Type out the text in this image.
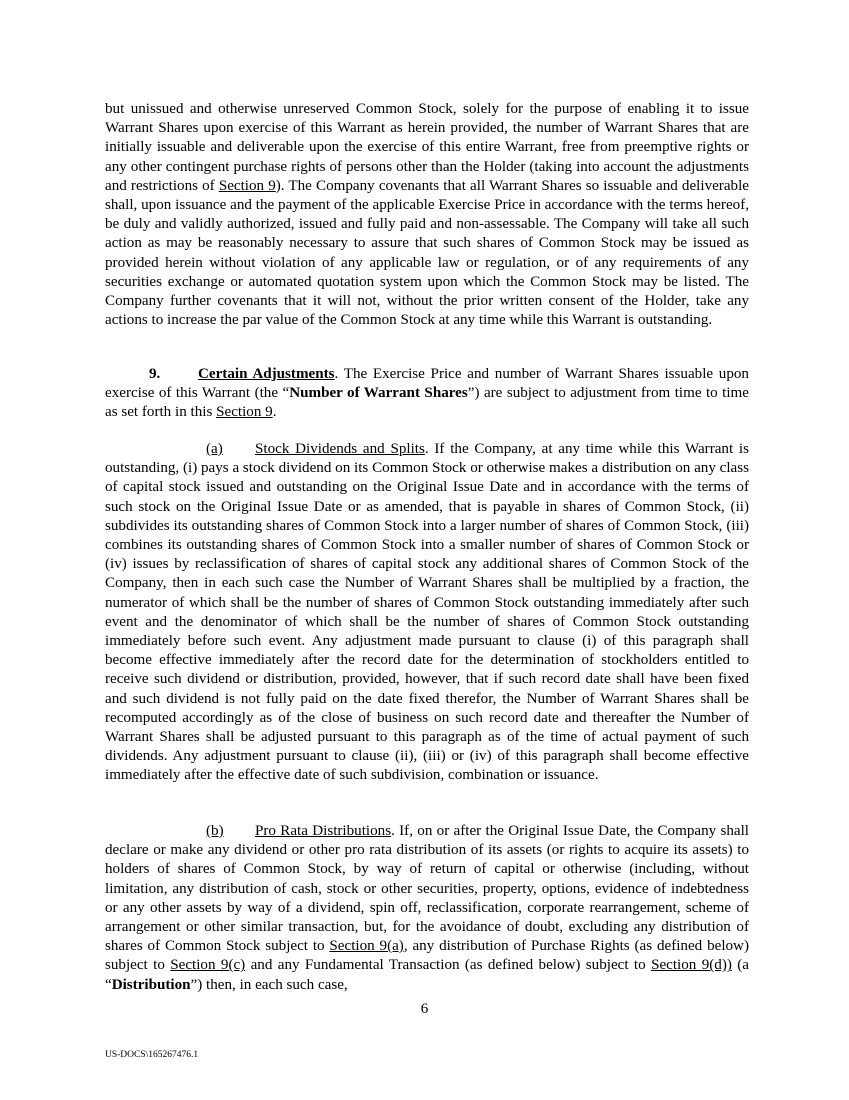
but unissued and otherwise unreserved Common Stock, solely for the purpose of enabling it to issue Warrant Shares upon exercise of this Warrant as herein provided, the number of Warrant Shares that are initially issuable and deliverable upon the exercise of this entire Warrant, free from preemptive rights or any other contingent purchase rights of persons other than the Holder (taking into account the adjustments and restrictions of Section 9). The Company covenants that all Warrant Shares so issuable and deliverable shall, upon issuance and the payment of the applicable Exercise Price in accordance with the terms hereof, be duly and validly authorized, issued and fully paid and non-assessable. The Company will take all such action as may be reasonably necessary to assure that such shares of Common Stock may be issued as provided herein without violation of any applicable law or regulation, or of any requirements of any securities exchange or automated quotation system upon which the Common Stock may be listed. The Company further covenants that it will not, without the prior written consent of the Holder, take any actions to increase the par value of the Common Stock at any time while this Warrant is outstanding.

9. Certain Adjustments. The Exercise Price and number of Warrant Shares issuable upon exercise of this Warrant (the “Number of Warrant Shares”) are subject to adjustment from time to time as set forth in this Section 9.

(a) Stock Dividends and Splits. If the Company, at any time while this Warrant is outstanding, (i) pays a stock dividend on its Common Stock or otherwise makes a distribution on any class of capital stock issued and outstanding on the Original Issue Date and in accordance with the terms of such stock on the Original Issue Date or as amended, that is payable in shares of Common Stock, (ii) subdivides its outstanding shares of Common Stock into a larger number of shares of Common Stock, (iii) combines its outstanding shares of Common Stock into a smaller number of shares of Common Stock or (iv) issues by reclassification of shares of capital stock any additional shares of Common Stock of the Company, then in each such case the Number of Warrant Shares shall be multiplied by a fraction, the numerator of which shall be the number of shares of Common Stock outstanding immediately after such event and the denominator of which shall be the number of shares of Common Stock outstanding immediately before such event. Any adjustment made pursuant to clause (i) of this paragraph shall become effective immediately after the record date for the determination of stockholders entitled to receive such dividend or distribution, provided, however, that if such record date shall have been fixed and such dividend is not fully paid on the date fixed therefor, the Number of Warrant Shares shall be recomputed accordingly as of the close of business on such record date and thereafter the Number of Warrant Shares shall be adjusted pursuant to this paragraph as of the time of actual payment of such dividends. Any adjustment pursuant to clause (ii), (iii) or (iv) of this paragraph shall become effective immediately after the effective date of such subdivision, combination or issuance.

(b) Pro Rata Distributions. If, on or after the Original Issue Date, the Company shall declare or make any dividend or other pro rata distribution of its assets (or rights to acquire its assets) to holders of shares of Common Stock, by way of return of capital or otherwise (including, without limitation, any distribution of cash, stock or other securities, property, options, evidence of indebtedness or any other assets by way of a dividend, spin off, reclassification, corporate rearrangement, scheme of arrangement or other similar transaction, but, for the avoidance of doubt, excluding any distribution of shares of Common Stock subject to Section 9(a), any distribution of Purchase Rights (as defined below) subject to Section 9(c) and any Fundamental Transaction (as defined below) subject to Section 9(d)) (a “Distribution”) then, in each such case,

6
US-DOCS\165267476.1
